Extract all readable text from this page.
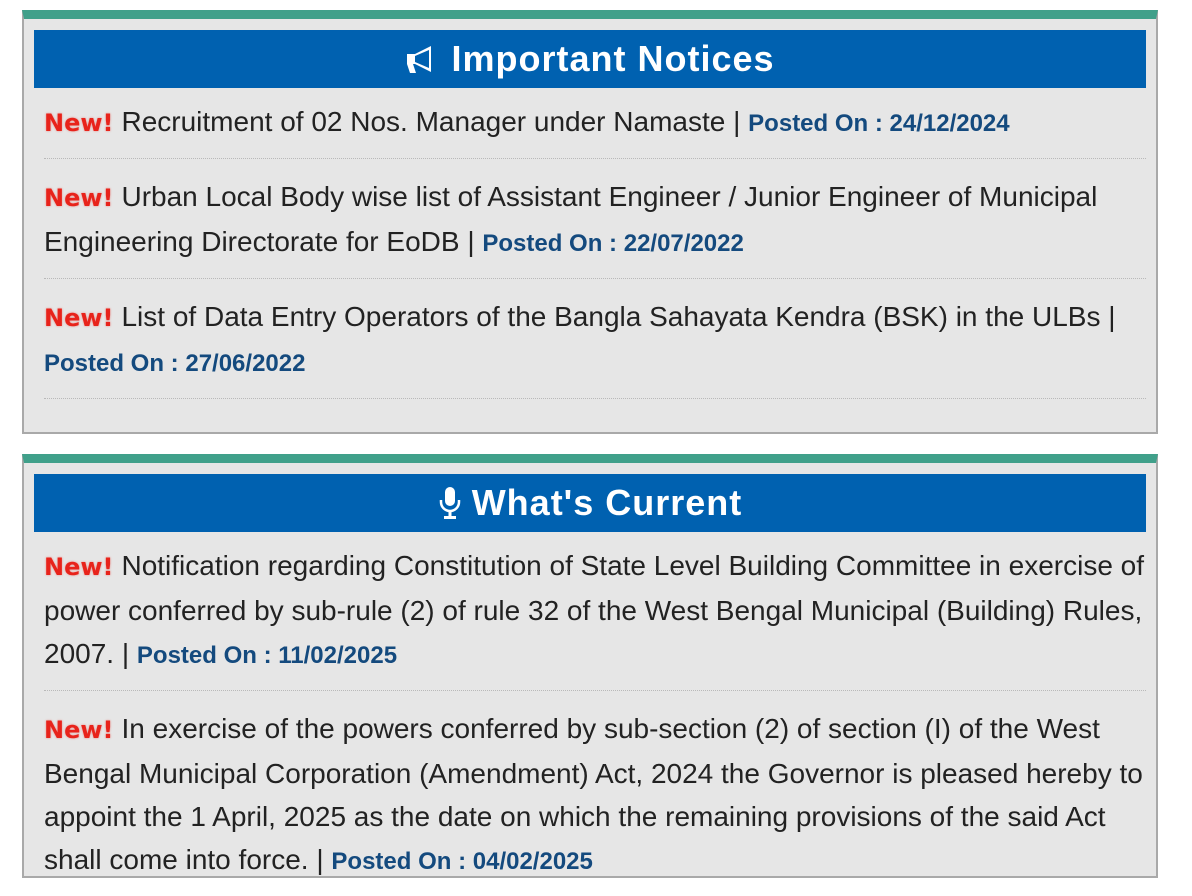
Important Notices
New! Recruitment of 02 Nos. Manager under Namaste | Posted On : 24/12/2024
New! Urban Local Body wise list of Assistant Engineer / Junior Engineer of Municipal Engineering Directorate for EoDB | Posted On : 22/07/2022
New! List of Data Entry Operators of the Bangla Sahayata Kendra (BSK) in the ULBs | Posted On : 27/06/2022
What's Current
New! Notification regarding Constitution of State Level Building Committee in exercise of power conferred by sub-rule (2) of rule 32 of the West Bengal Municipal (Building) Rules, 2007. | Posted On : 11/02/2025
New! In exercise of the powers conferred by sub-section (2) of section (I) of the West Bengal Municipal Corporation (Amendment) Act, 2024 the Governor is pleased hereby to appoint the 1 April, 2025 as the date on which the remaining provisions of the said Act shall come into force. | Posted On : 04/02/2025
